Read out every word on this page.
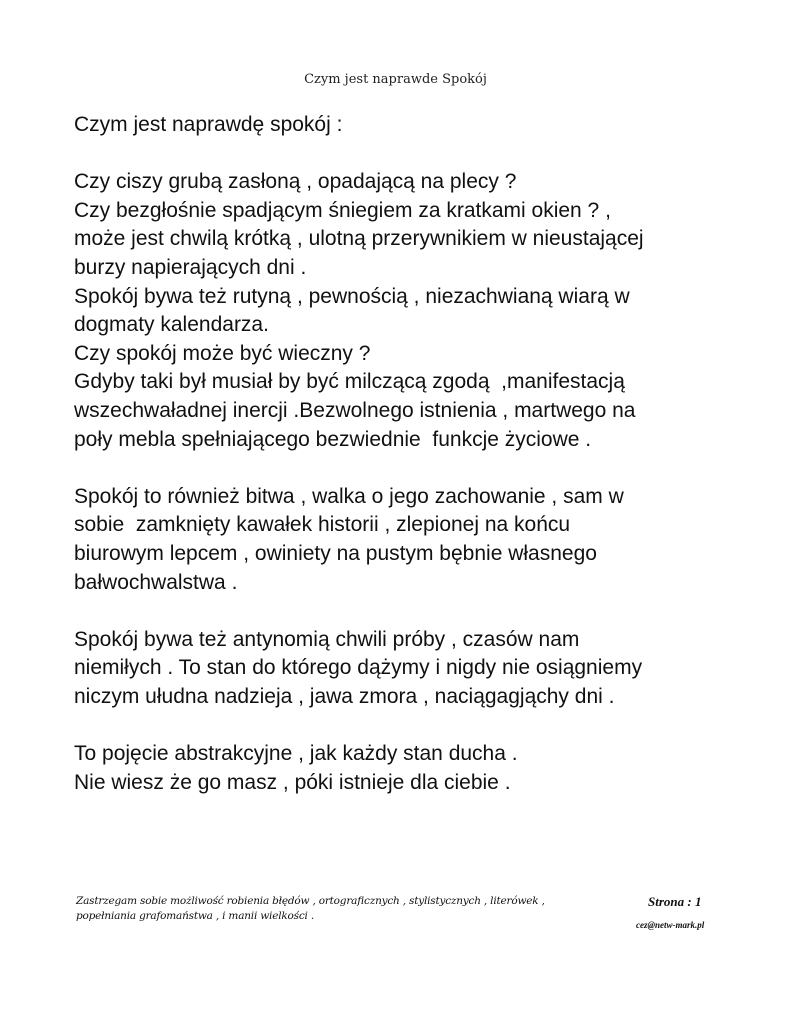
Czym jest naprawde Spokój
Czym jest naprawdę spokój :
Czy ciszy grubą zasłoną , opadającą na plecy ?
Czy bezgłośnie spadjącym śniegiem za kratkami okien ? ,
może jest chwilą krótką , ulotną przerywnikiem w nieustającej
burzy napierających dni .
Spokój bywa też rutyną , pewnością , niezachwianą wiarą w
dogmaty kalendarza.
Czy spokój może być wieczny ?
Gdyby taki był musiał by być milczącą zgodą  ,manifestacją
wszechwaładnej inercji .Bezwolnego istnienia , martwego na
poły mebla spełniającego bezwiednie  funkcje życiowe .
Spokój to również bitwa , walka o jego zachowanie , sam w
sobie  zamknięty kawałek historii , zlepionej na końcu
biurowym lepcem , owiniety na pustym bębnie własnego
bałwochwalstwa .
Spokój bywa też antynomią chwili próby , czasów nam
niemiłych . To stan do którego dążymy i nigdy nie osiągniemy
niczym ułudna nadzieja , jawa zmora , naciągagjąchy dni .
To pojęcie abstrakcyjne , jak każdy stan ducha .
Nie wiesz że go masz , póki istnieje dla ciebie .
Zastrzegam sobie możliwość robienia błędów , ortograficznych , stylistycznych , literówek ,
popełniania grafomaństwa , i manii wielkości .
Strona : 1
cez@netw-mark.pl
